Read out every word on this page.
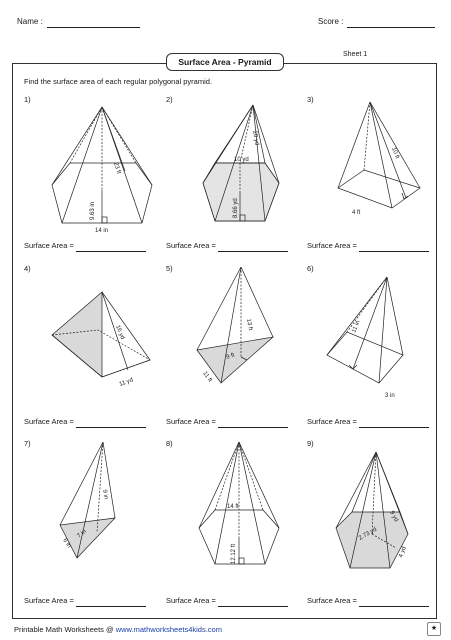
Name :	Score :
Surface Area - Pyramid
Sheet 1
Find the surface area of each regular polygonal pyramid.
1)	2)	3)
4)	5)	6)
7)	8)	9)
23 ft
9.63 in
14 in
20 yd
10 yd
8.66 yd
10 ft
4 ft
16 yd
11 yd
13 ft
9 ft
11 ft
11 in
3 in
9 in
7 in
6 in
14 ft
12.12 ft
9 yd
2.73 yd
4 yd
Surface Area =	Surface Area =	Surface Area =
Surface Area =	Surface Area =	Surface Area =
Surface Area =	Surface Area =	Surface Area =
Printable Math Worksheets @ www.mathworksheets4kids.com	★
